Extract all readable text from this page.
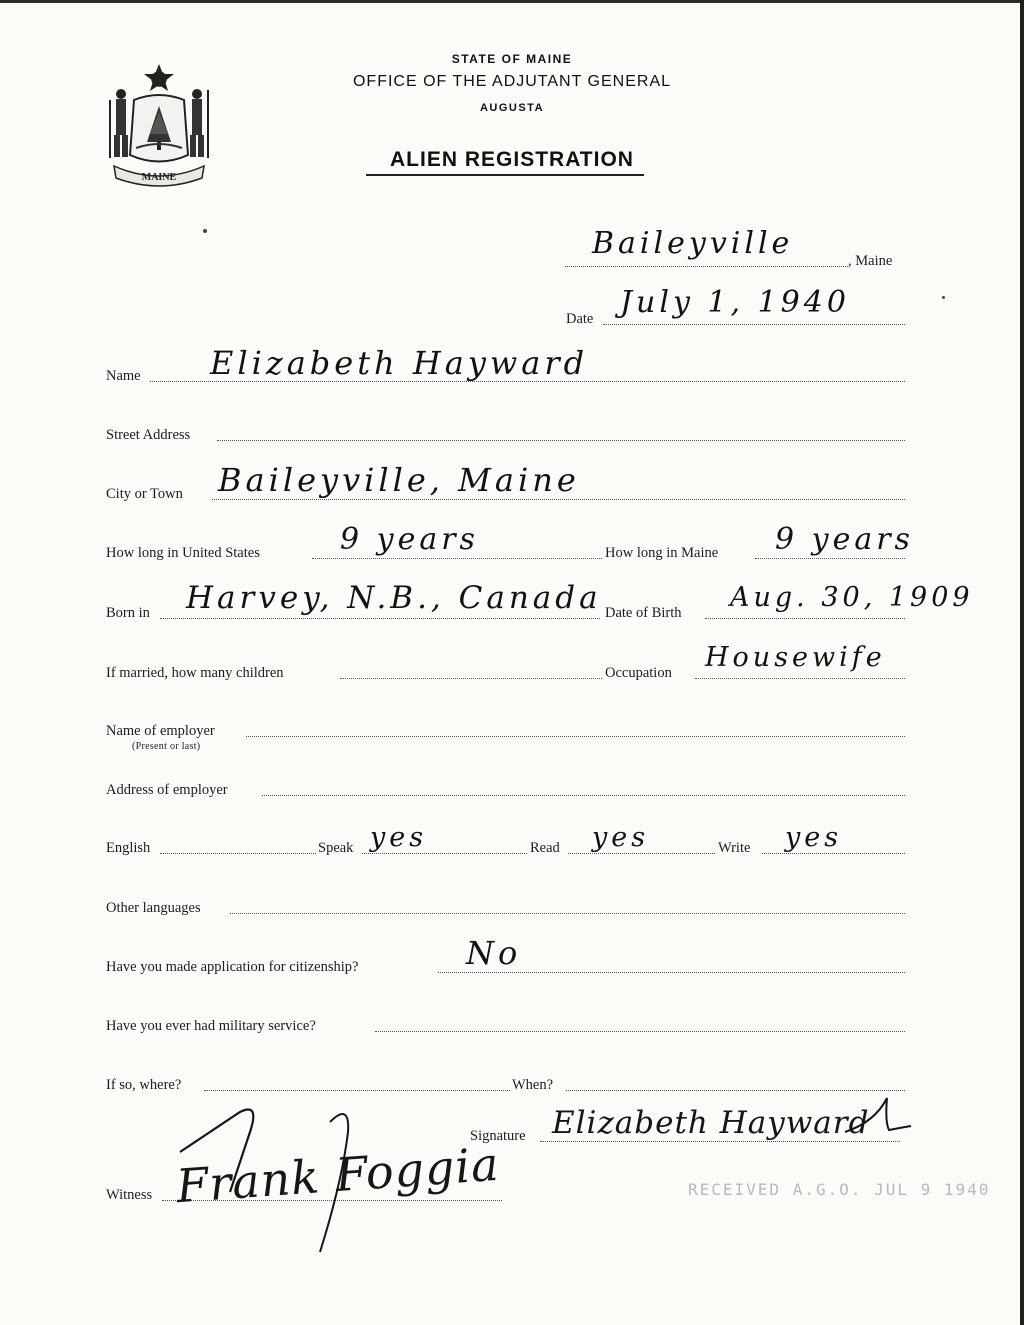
MAINE
STATE OF MAINE
OFFICE OF THE ADJUTANT GENERAL
AUGUSTA
ALIEN REGISTRATION
Baileyville	, Maine
Date July 1, 1940
Name Elizabeth Hayward
Street Address
City or Town Baileyville, Maine
How long in United States	9 years	How long in Maine 9 years
Born in Harvey, N.B., Canada Date of Birth Aug. 30, 1909
If married, how many children	Occupation Housewife
Name of employer
(Present or last)
Address of employer
English	Speak yes	Read yes	Write yes
Other languages
Have you made application for citizenship?	No
Have you ever had military service?
If so, where?	When?
Signature Elizabeth Hayward
Witness Frank Foggia	RECEIVED A.G.O. JUL 9 1940
